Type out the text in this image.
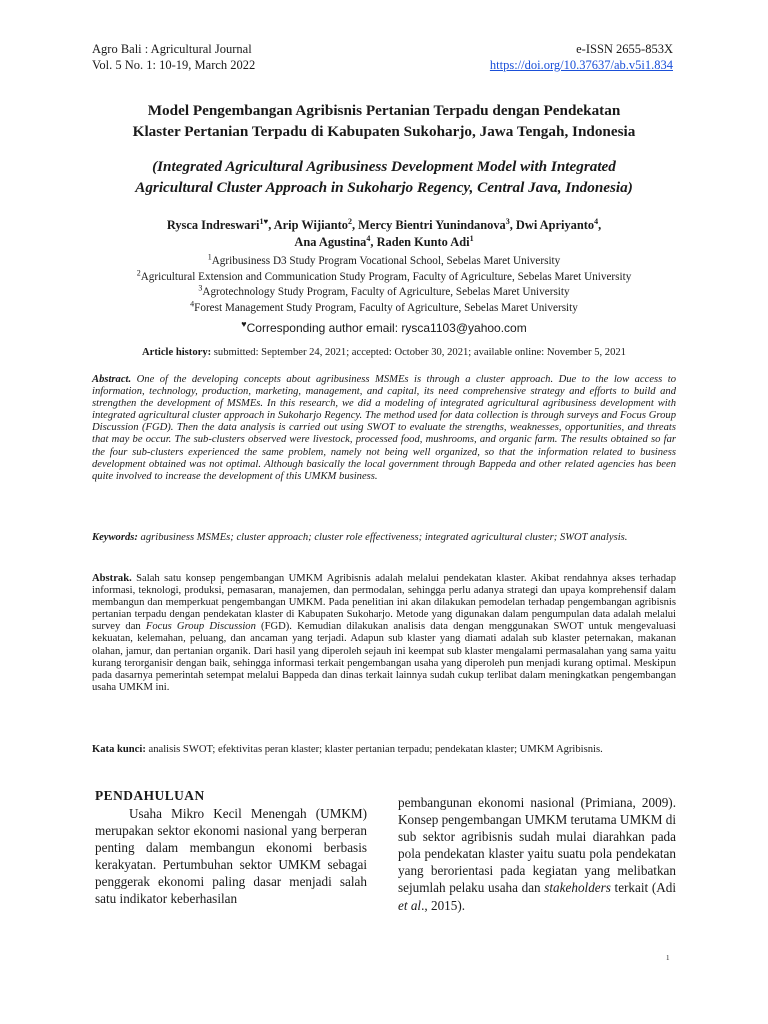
Agro Bali : Agricultural Journal
Vol. 5 No. 1: 10-19, March 2022
e-ISSN 2655-853X
https://doi.org/10.37637/ab.v5i1.834
Model Pengembangan Agribisnis Pertanian Terpadu dengan Pendekatan
Klaster Pertanian Terpadu di Kabupaten Sukoharjo, Jawa Tengah, Indonesia
(Integrated Agricultural Agribusiness Development Model with Integrated
Agricultural Cluster Approach in Sukoharjo Regency, Central Java, Indonesia)
Rysca Indreswari$^{1♥}$, Arip Wijianto$^2$, Mercy Bientri Yunindanova$^3$, Dwi Apriyanto$^4$,
Ana Agustina$^4$, Raden Kunto Adi$^1$
$^1$Agribusiness D3 Study Program Vocational School, Sebelas Maret University
$^2$Agricultural Extension and Communication Study Program, Faculty of Agriculture, Sebelas Maret University
$^3$Agrotechnology Study Program, Faculty of Agriculture, Sebelas Maret University
$^4$Forest Management Study Program, Faculty of Agriculture, Sebelas Maret University
♥Corresponding author email: rysca1103@yahoo.com
Article history: submitted: September 24, 2021; accepted: October 30, 2021; available online: November 5, 2021
Abstract. One of the developing concepts about agribusiness MSMEs is through a cluster approach. Due to the low access to information, technology, production, marketing, management, and capital, its need comprehensive strategy and efforts to build and strengthen the development of MSMEs. In this research, we did a modeling of integrated agricultural agribusiness development with integrated agricultural cluster approach in Sukoharjo Regency. The method used for data collection is through surveys and Focus Group Discussion (FGD). Then the data analysis is carried out using SWOT to evaluate the strengths, weaknesses, opportunities, and threats that may be occur. The sub-clusters observed were livestock, processed food, mushrooms, and organic farm. The results obtained so far the four sub-clusters experienced the same problem, namely not being well organized, so that the information related to business development obtained was not optimal. Although basically the local government through Bappeda and other related agencies has been quite involved to increase the development of this UMKM business.
Keywords: agribusiness MSMEs; cluster approach; cluster role effectiveness; integrated agricultural cluster; SWOT analysis.
Abstrak. Salah satu konsep pengembangan UMKM Agribisnis adalah melalui pendekatan klaster. Akibat rendahnya akses terhadap informasi, teknologi, produksi, pemasaran, manajemen, dan permodalan, sehingga perlu adanya strategi dan upaya komprehensif dalam membangun dan memperkuat pengembangan UMKM. Pada penelitian ini akan dilakukan pemodelan terhadap pengembangan agribisnis pertanian terpadu dengan pendekatan klaster di Kabupaten Sukoharjo. Metode yang digunakan dalam pengumpulan data adalah melalui survey dan Focus Group Discussion (FGD). Kemudian dilakukan analisis data dengan menggunakan SWOT untuk mengevaluasi kekuatan, kelemahan, peluang, dan ancaman yang terjadi. Adapun sub klaster yang diamati adalah sub klaster peternakan, makanan olahan, jamur, dan pertanian organik. Dari hasil yang diperoleh sejauh ini keempat sub klaster mengalami permasalahan yang sama yaitu kurang terorganisir dengan baik, sehingga informasi terkait pengembangan usaha yang diperoleh pun menjadi kurang optimal. Meskipun pada dasarnya pemerintah setempat melalui Bappeda dan dinas terkait lainnya sudah cukup terlibat dalam meningkatkan pengembangan usaha UMKM ini.
Kata kunci: analisis SWOT; efektivitas peran klaster; klaster pertanian terpadu; pendekatan klaster; UMKM Agribisnis.
PENDAHULUAN
Usaha Mikro Kecil Menengah (UMKM) merupakan sektor ekonomi nasional yang berperan penting dalam membangun ekonomi berbasis kerakyatan. Pertumbuhan sektor UMKM sebagai penggerak ekonomi paling dasar menjadi salah satu indikator keberhasilan
pembangunan ekonomi nasional (Primiana, 2009). Konsep pengembangan UMKM terutama UMKM di sub sektor agribisnis sudah mulai diarahkan pada pola pendekatan klaster yaitu suatu pola pendekatan yang berorientasi pada kegiatan yang melibatkan sejumlah pelaku usaha dan stakeholders terkait (Adi et al., 2015).
1
